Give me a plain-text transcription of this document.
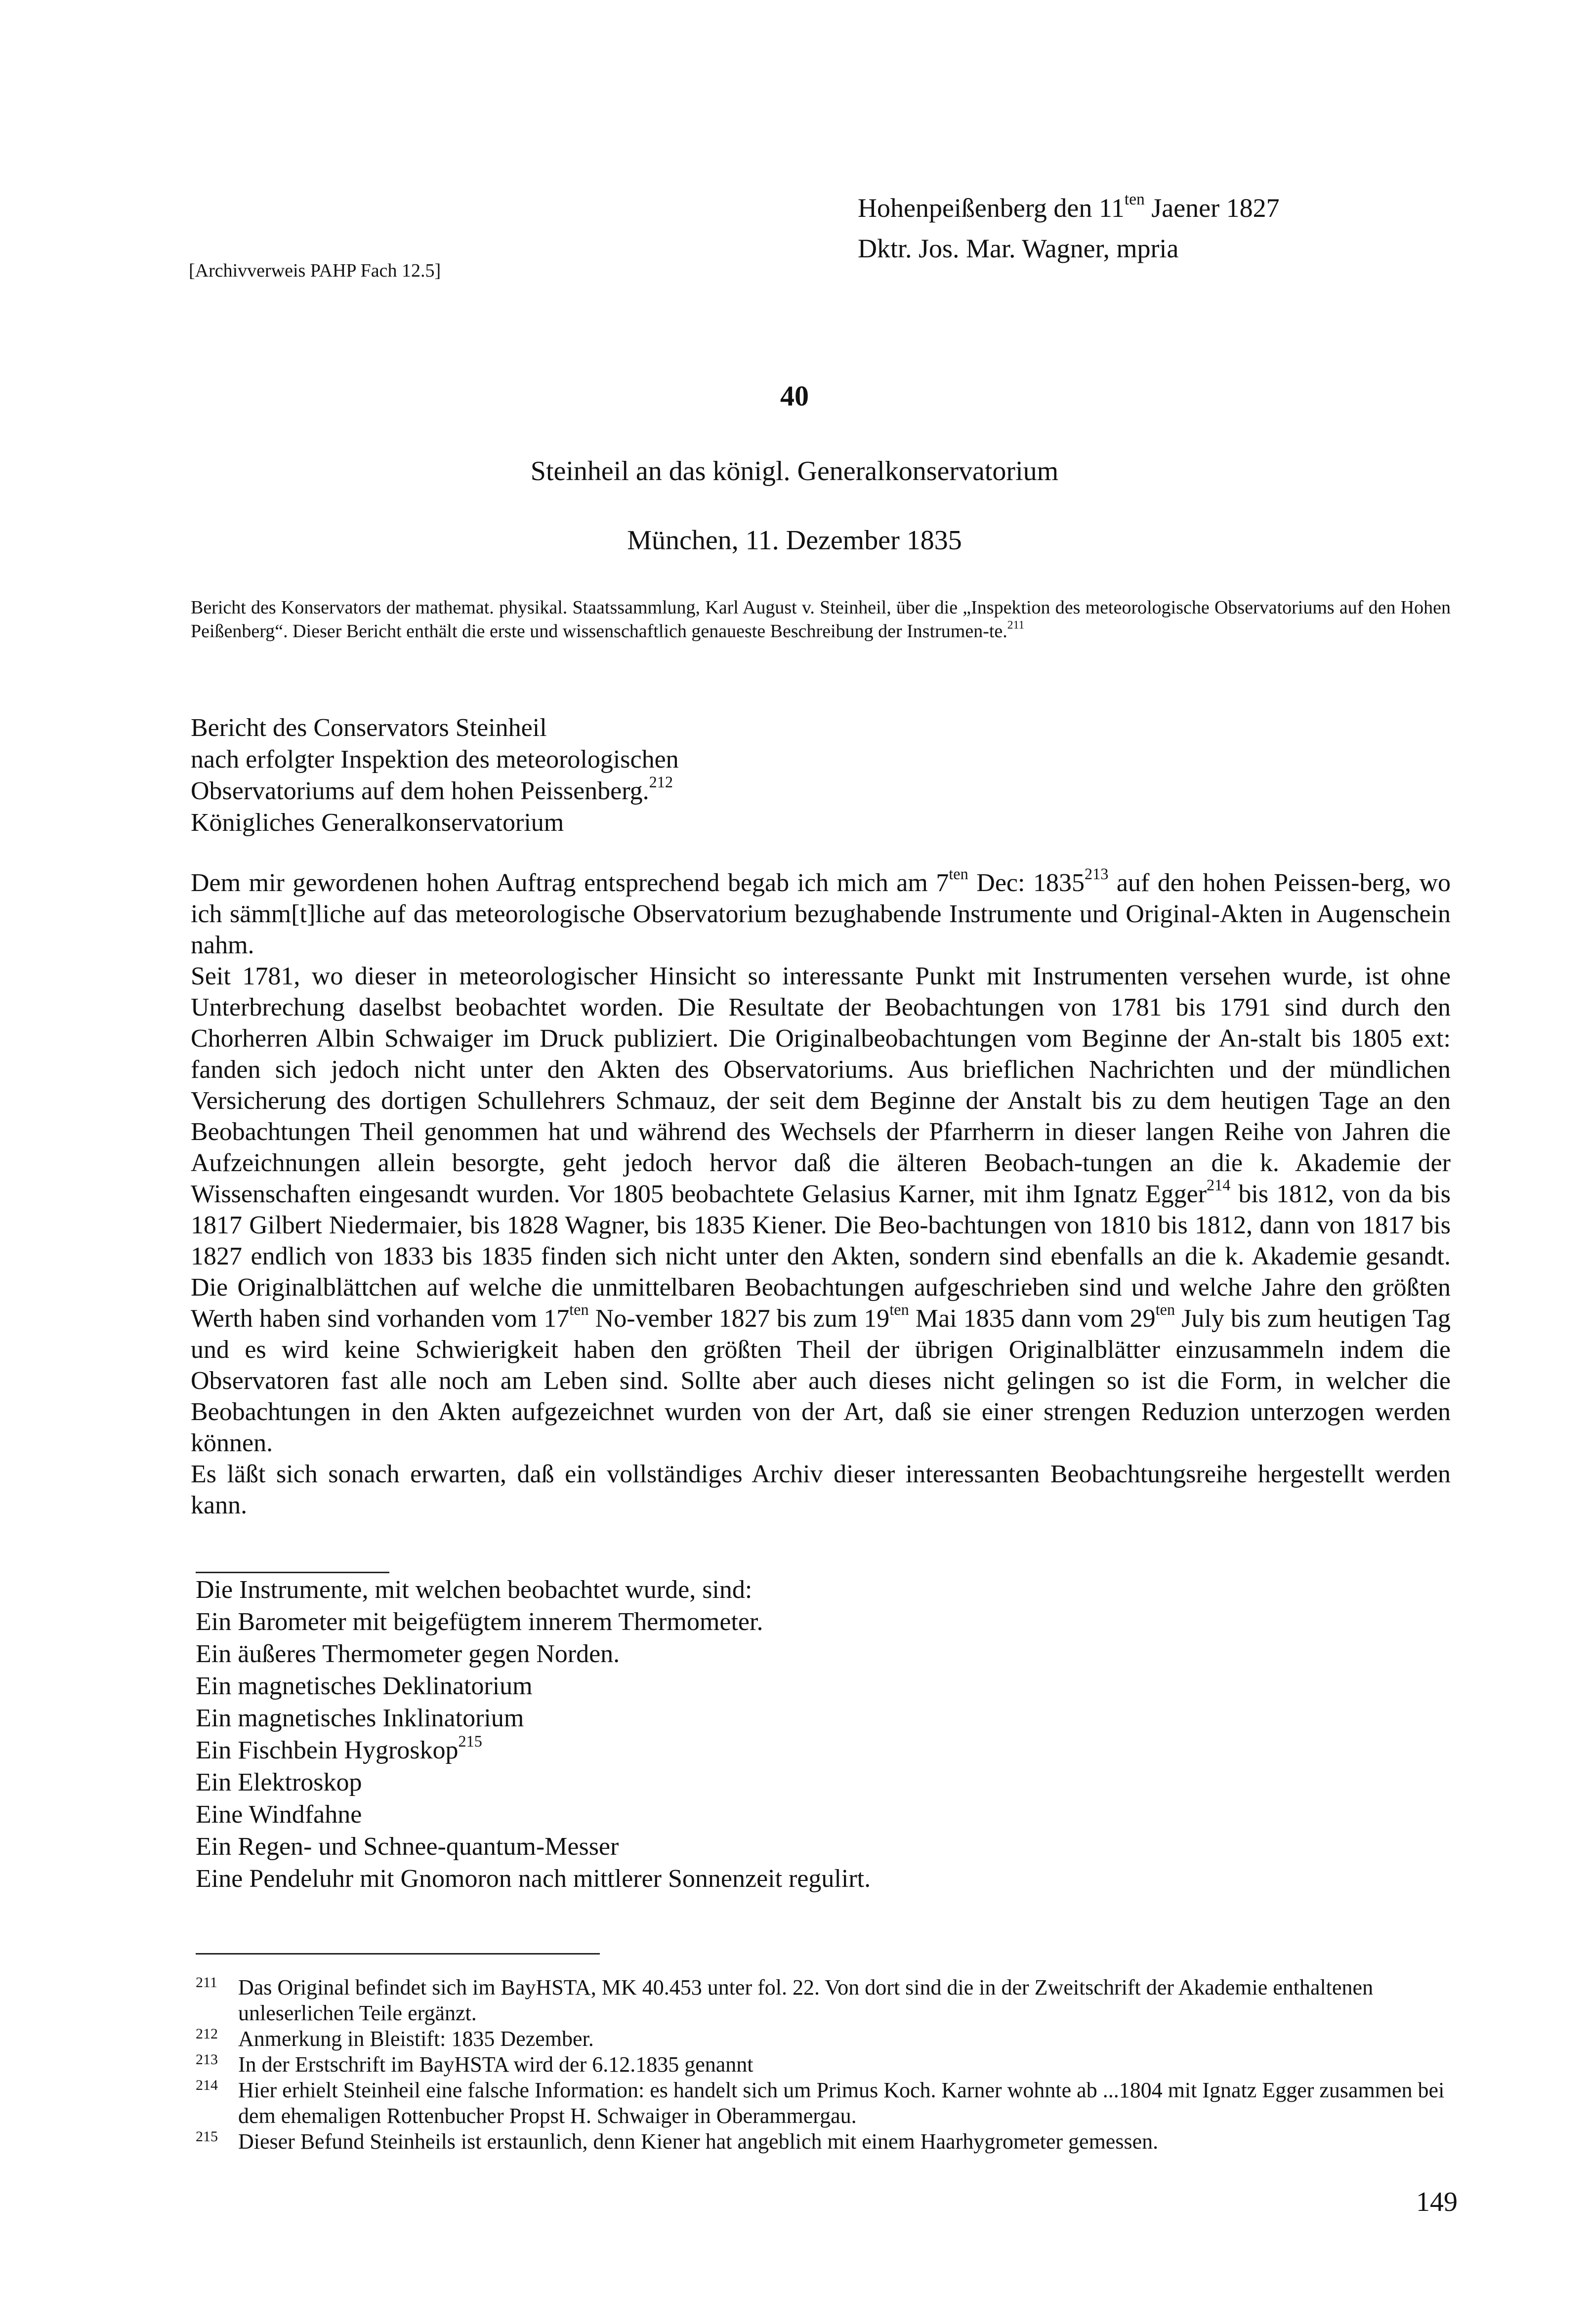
Hohenpeißenberg den $11^{ten}$ Jaener 1827
Dktr. Jos. Mar. Wagner, mpria
[Archivverweis PAHP Fach 12.5]
40
Steinheil an das königl. Generalkonservatorium
München, 11. Dezember 1835
Bericht des Konservators der mathemat. physikal. Staatssammlung, Karl August v. Steinheil, über die „Inspektion des meteorologische Observatoriums auf den Hohen Peißenberg“. Dieser Bericht enthält die erste und wissenschaftlich genaueste Beschreibung der Instrumen-te.$^{211}$
Bericht des Conservators Steinheil
nach erfolgter Inspektion des meteorologischen
Observatoriums auf dem hohen Peissenberg.$^{212}$
Königliches Generalkonservatorium

Dem mir gewordenen hohen Auftrag entsprechend begab ich mich am $7^{ten}$ Dec: 1835$^{213}$ auf den hohen Peissen-berg, wo ich sämm[t]liche auf das meteorologische Observatorium bezughabende Instrumente und Original-Akten in Augenschein nahm.

Seit 1781, wo dieser in meteorologischer Hinsicht so interessante Punkt mit Instrumenten versehen wurde, ist ohne Unterbrechung daselbst beobachtet worden. Die Resultate der Beobachtungen von 1781 bis 1791 sind durch den Chorherren Albin Schwaiger im Druck publiziert. Die Originalbeobachtungen vom Beginne der An-stalt bis 1805 ext: fanden sich jedoch nicht unter den Akten des Observatoriums. Aus brieflichen Nachrichten und der mündlichen Versicherung des dortigen Schullehrers Schmauz, der seit dem Beginne der Anstalt bis zu dem heutigen Tage an den Beobachtungen Theil genommen hat und während des Wechsels der Pfarrherrn in dieser langen Reihe von Jahren die Aufzeichnungen allein besorgte, geht jedoch hervor daß die älteren Beobach-tungen an die k. Akademie der Wissenschaften eingesandt wurden. Vor 1805 beobachtete Gelasius Karner, mit ihm Ignatz Egger$^{214}$ bis 1812, von da bis 1817 Gilbert Niedermaier, bis 1828 Wagner, bis 1835 Kiener. Die Beo-bachtungen von 1810 bis 1812, dann von 1817 bis 1827 endlich von 1833 bis 1835 finden sich nicht unter den Akten, sondern sind ebenfalls an die k. Akademie gesandt. Die Originalblättchen auf welche die unmittelbaren Beobachtungen aufgeschrieben sind und welche Jahre den größten Werth haben sind vorhanden vom $17^{ten}$ No-vember 1827 bis zum $19^{ten}$ Mai 1835 dann vom $29^{ten}$ July bis zum heutigen Tag und es wird keine Schwierigkeit haben den größten Theil der übrigen Originalblätter einzusammeln indem die Observatoren fast alle noch am Leben sind. Sollte aber auch dieses nicht gelingen so ist die Form, in welcher die Beobachtungen in den Akten aufgezeichnet wurden von der Art, daß sie einer strengen Reduzion unterzogen werden können.

Es läßt sich sonach erwarten, daß ein vollständiges Archiv dieser interessanten Beobachtungsreihe hergestellt werden kann.

Die Instrumente, mit welchen beobachtet wurde, sind:
Ein Barometer mit beigefügtem innerem Thermometer.
Ein äußeres Thermometer gegen Norden.
Ein magnetisches Deklinatorium
Ein magnetisches Inklinatorium
Ein Fischbein Hygroskop$^{215}$
Ein Elektroskop
Eine Windfahne
Ein Regen- und Schnee-quantum-Messer
Eine Pendeluhr mit Gnomoron nach mittlerer Sonnenzeit regulirt.

211 Das Original befindet sich im BayHSTA, MK 40.453 unter fol. 22. Von dort sind die in der Zweitschrift der Akademie enthaltenen unleserlichen Teile ergänzt.

212 Anmerkung in Bleistift: 1835 Dezember.

213 In der Erstschrift im BayHSTA wird der 6.12.1835 genannt

214 Hier erhielt Steinheil eine falsche Information: es handelt sich um Primus Koch. Karner wohnte ab ...1804 mit Ignatz Egger zusammen bei dem ehemaligen Rottenbucher Propst H. Schwaiger in Oberammergau.

215 Dieser Befund Steinheils ist erstaunlich, denn Kiener hat angeblich mit einem Haarhygrometer gemessen.

149
